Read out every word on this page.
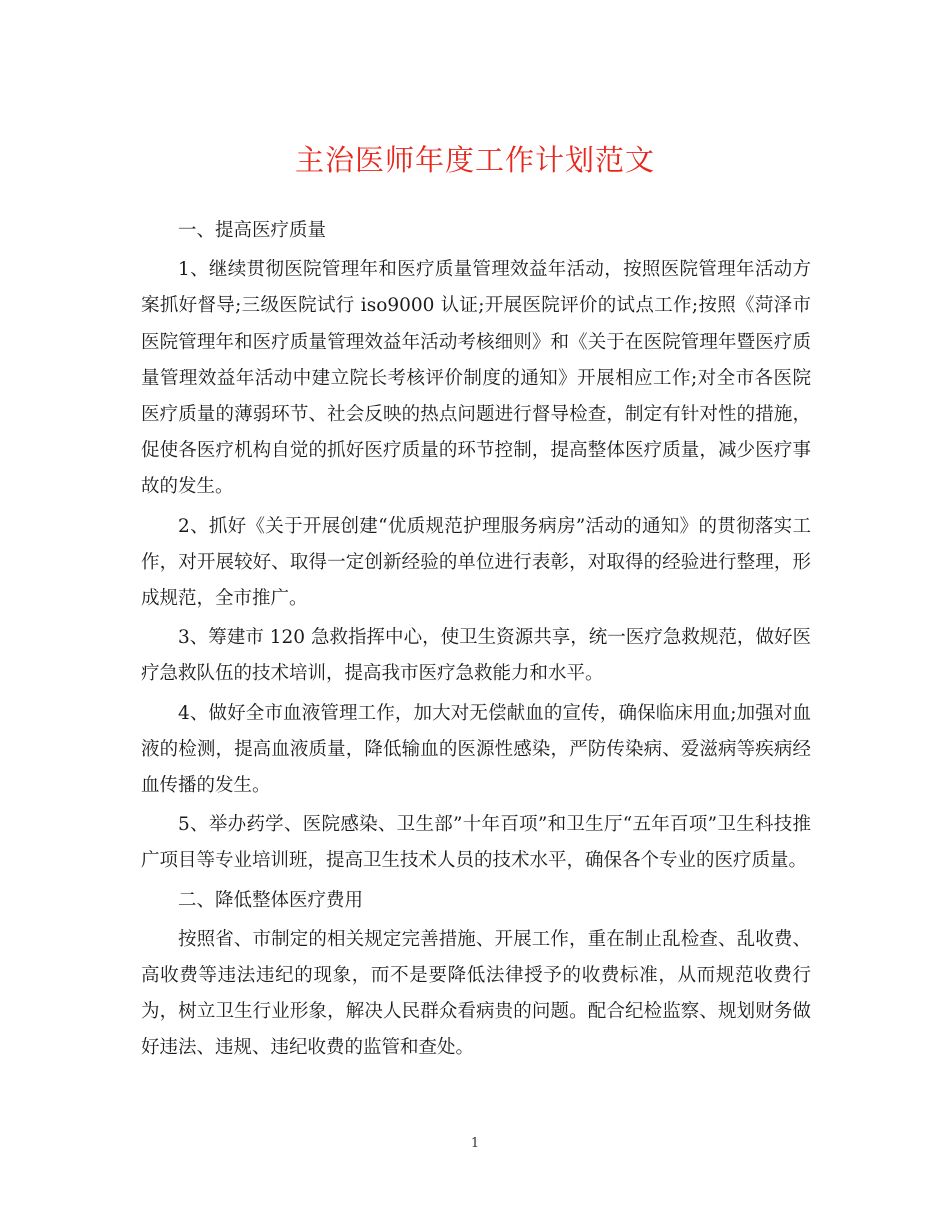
主治医师年度工作计划范文

一、提高医疗质量

1、继续贯彻医院管理年和医疗质量管理效益年活动，按照医院管理年活动方案抓好督导;三级医院试行 iso9000 认证;开展医院评价的试点工作;按照《菏泽市医院管理年和医疗质量管理效益年活动考核细则》和《关于在医院管理年暨医疗质量管理效益年活动中建立院长考核评价制度的通知》开展相应工作;对全市各医院医疗质量的薄弱环节、社会反映的热点问题进行督导检查，制定有针对性的措施，促使各医疗机构自觉的抓好医疗质量的环节控制，提高整体医疗质量，减少医疗事故的发生。

2、抓好《关于开展创建“优质规范护理服务病房”活动的通知》的贯彻落实工作，对开展较好、取得一定创新经验的单位进行表彰，对取得的经验进行整理，形成规范，全市推广。

3、筹建市 120 急救指挥中心，使卫生资源共享，统一医疗急救规范，做好医疗急救队伍的技术培训，提高我市医疗急救能力和水平。

4、做好全市血液管理工作，加大对无偿献血的宣传，确保临床用血;加强对血液的检测，提高血液质量，降低输血的医源性感染，严防传染病、爱滋病等疾病经血传播的发生。

5、举办药学、医院感染、卫生部”十年百项”和卫生厅“五年百项”卫生科技推广项目等专业培训班，提高卫生技术人员的技术水平，确保各个专业的医疗质量。

二、降低整体医疗费用

按照省、市制定的相关规定完善措施、开展工作，重在制止乱检查、乱收费、高收费等违法违纪的现象，而不是要降低法律授予的收费标准，从而规范收费行为，树立卫生行业形象，解决人民群众看病贵的问题。配合纪检监察、规划财务做好违法、违规、违纪收费的监管和查处。

1
